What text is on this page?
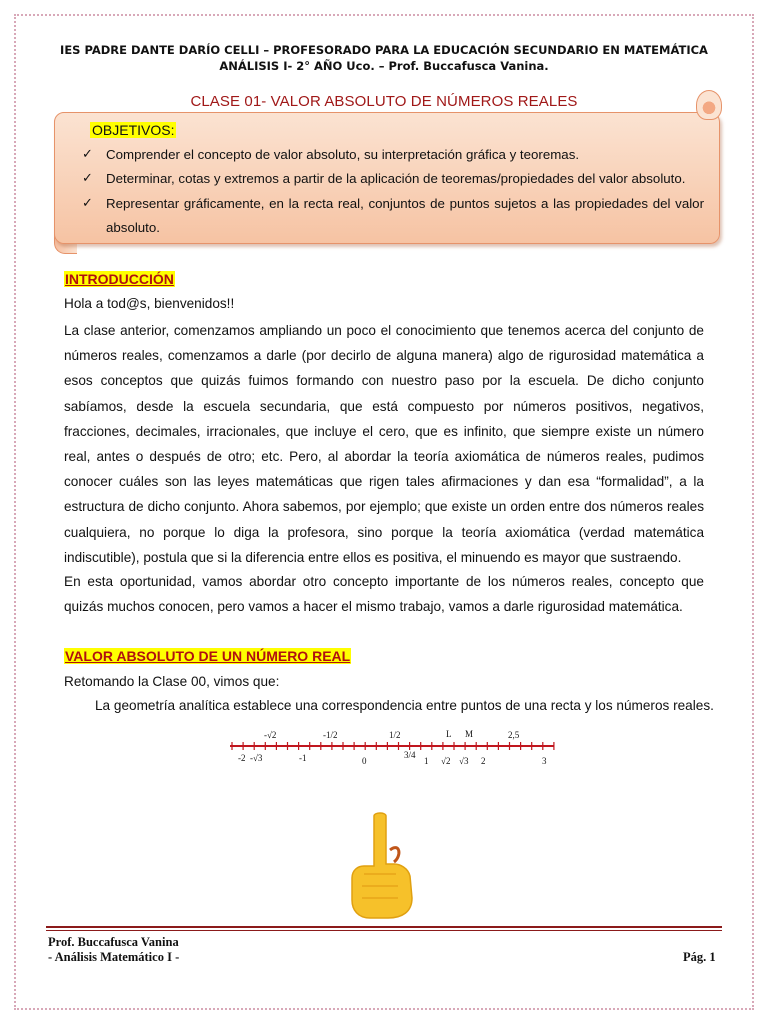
IES PADRE DANTE DARÍO CELLI – PROFESORADO PARA LA EDUCACIÓN SECUNDARIO EN MATEMÁTICA
ANÁLISIS I- 2° AÑO Uco. – Prof. Buccafusca Vanina.
CLASE 01- VALOR ABSOLUTO DE NÚMEROS REALES
OBJETIVOS:
✓ Comprender el concepto de valor absoluto, su interpretación gráfica y teoremas.
✓ Determinar, cotas y extremos a partir de la aplicación de teoremas/propiedades del valor absoluto.
✓ Representar gráficamente, en la recta real, conjuntos de puntos sujetos a las propiedades del valor absoluto.
INTRODUCCIÓN
Hola a tod@s, bienvenidos!!
La clase anterior, comenzamos ampliando un poco el conocimiento que tenemos acerca del conjunto de números reales, comenzamos a darle (por decirlo de alguna manera) algo de rigurosidad matemática a esos conceptos que quizás fuimos formando con nuestro paso por la escuela. De dicho conjunto sabíamos, desde la escuela secundaria, que está compuesto por números positivos, negativos, fracciones, decimales, irracionales, que incluye el cero, que es infinito, que siempre existe un número real, antes o después de otro; etc. Pero, al abordar la teoría axiomática de números reales, pudimos conocer cuáles son las leyes matemáticas que rigen tales afirmaciones y dan esa “formalidad”, a la estructura de dicho conjunto. Ahora sabemos, por ejemplo; que existe un orden entre dos números reales cualquiera, no porque lo diga la profesora, sino porque la teoría axiomática (verdad matemática indiscutible), postula que si la diferencia entre ellos es positiva, el minuendo es mayor que sustraendo.
En esta oportunidad, vamos abordar otro concepto importante de los números reales, concepto que quizás muchos conocen, pero vamos a hacer el mismo trabajo, vamos a darle rigurosidad matemática.
VALOR ABSOLUTO DE UN NÚMERO REAL
Retomando la Clase 00, vimos que:
La geometría analítica establece una correspondencia entre puntos de una recta y los números reales.
-√2	-1/2	1/2	L M	2,5
-2 -√3	-1	0
3/4
1 √2 √3 2	3
Prof. Buccafusca Vanina
- Análisis Matemático I -	Pág. 1
